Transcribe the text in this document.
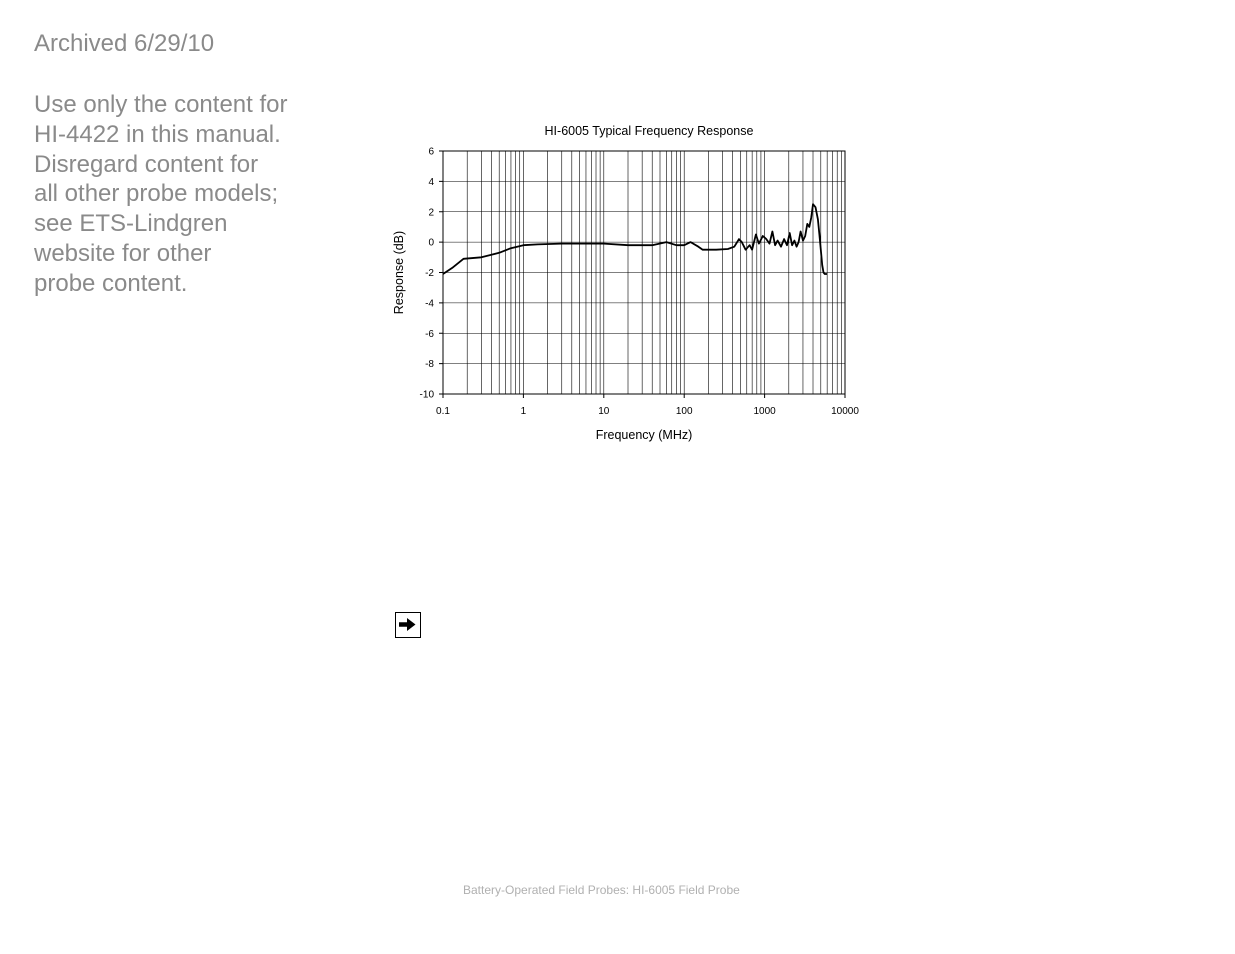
Archived 6/29/10
Use only the content for
HI-4422 in this manual.
Disregard content for
all other probe models;
see ETS-Lindgren
website for other
probe content.
6
4
2
0
-2
-4
-6
-8
-10
0.1	1	10	100	1000	10000
HI-6005 Typical Frequency Response
Frequency (MHz)
Response (dB)
Battery-Operated Field Probes: HI-6005 Field Probe
